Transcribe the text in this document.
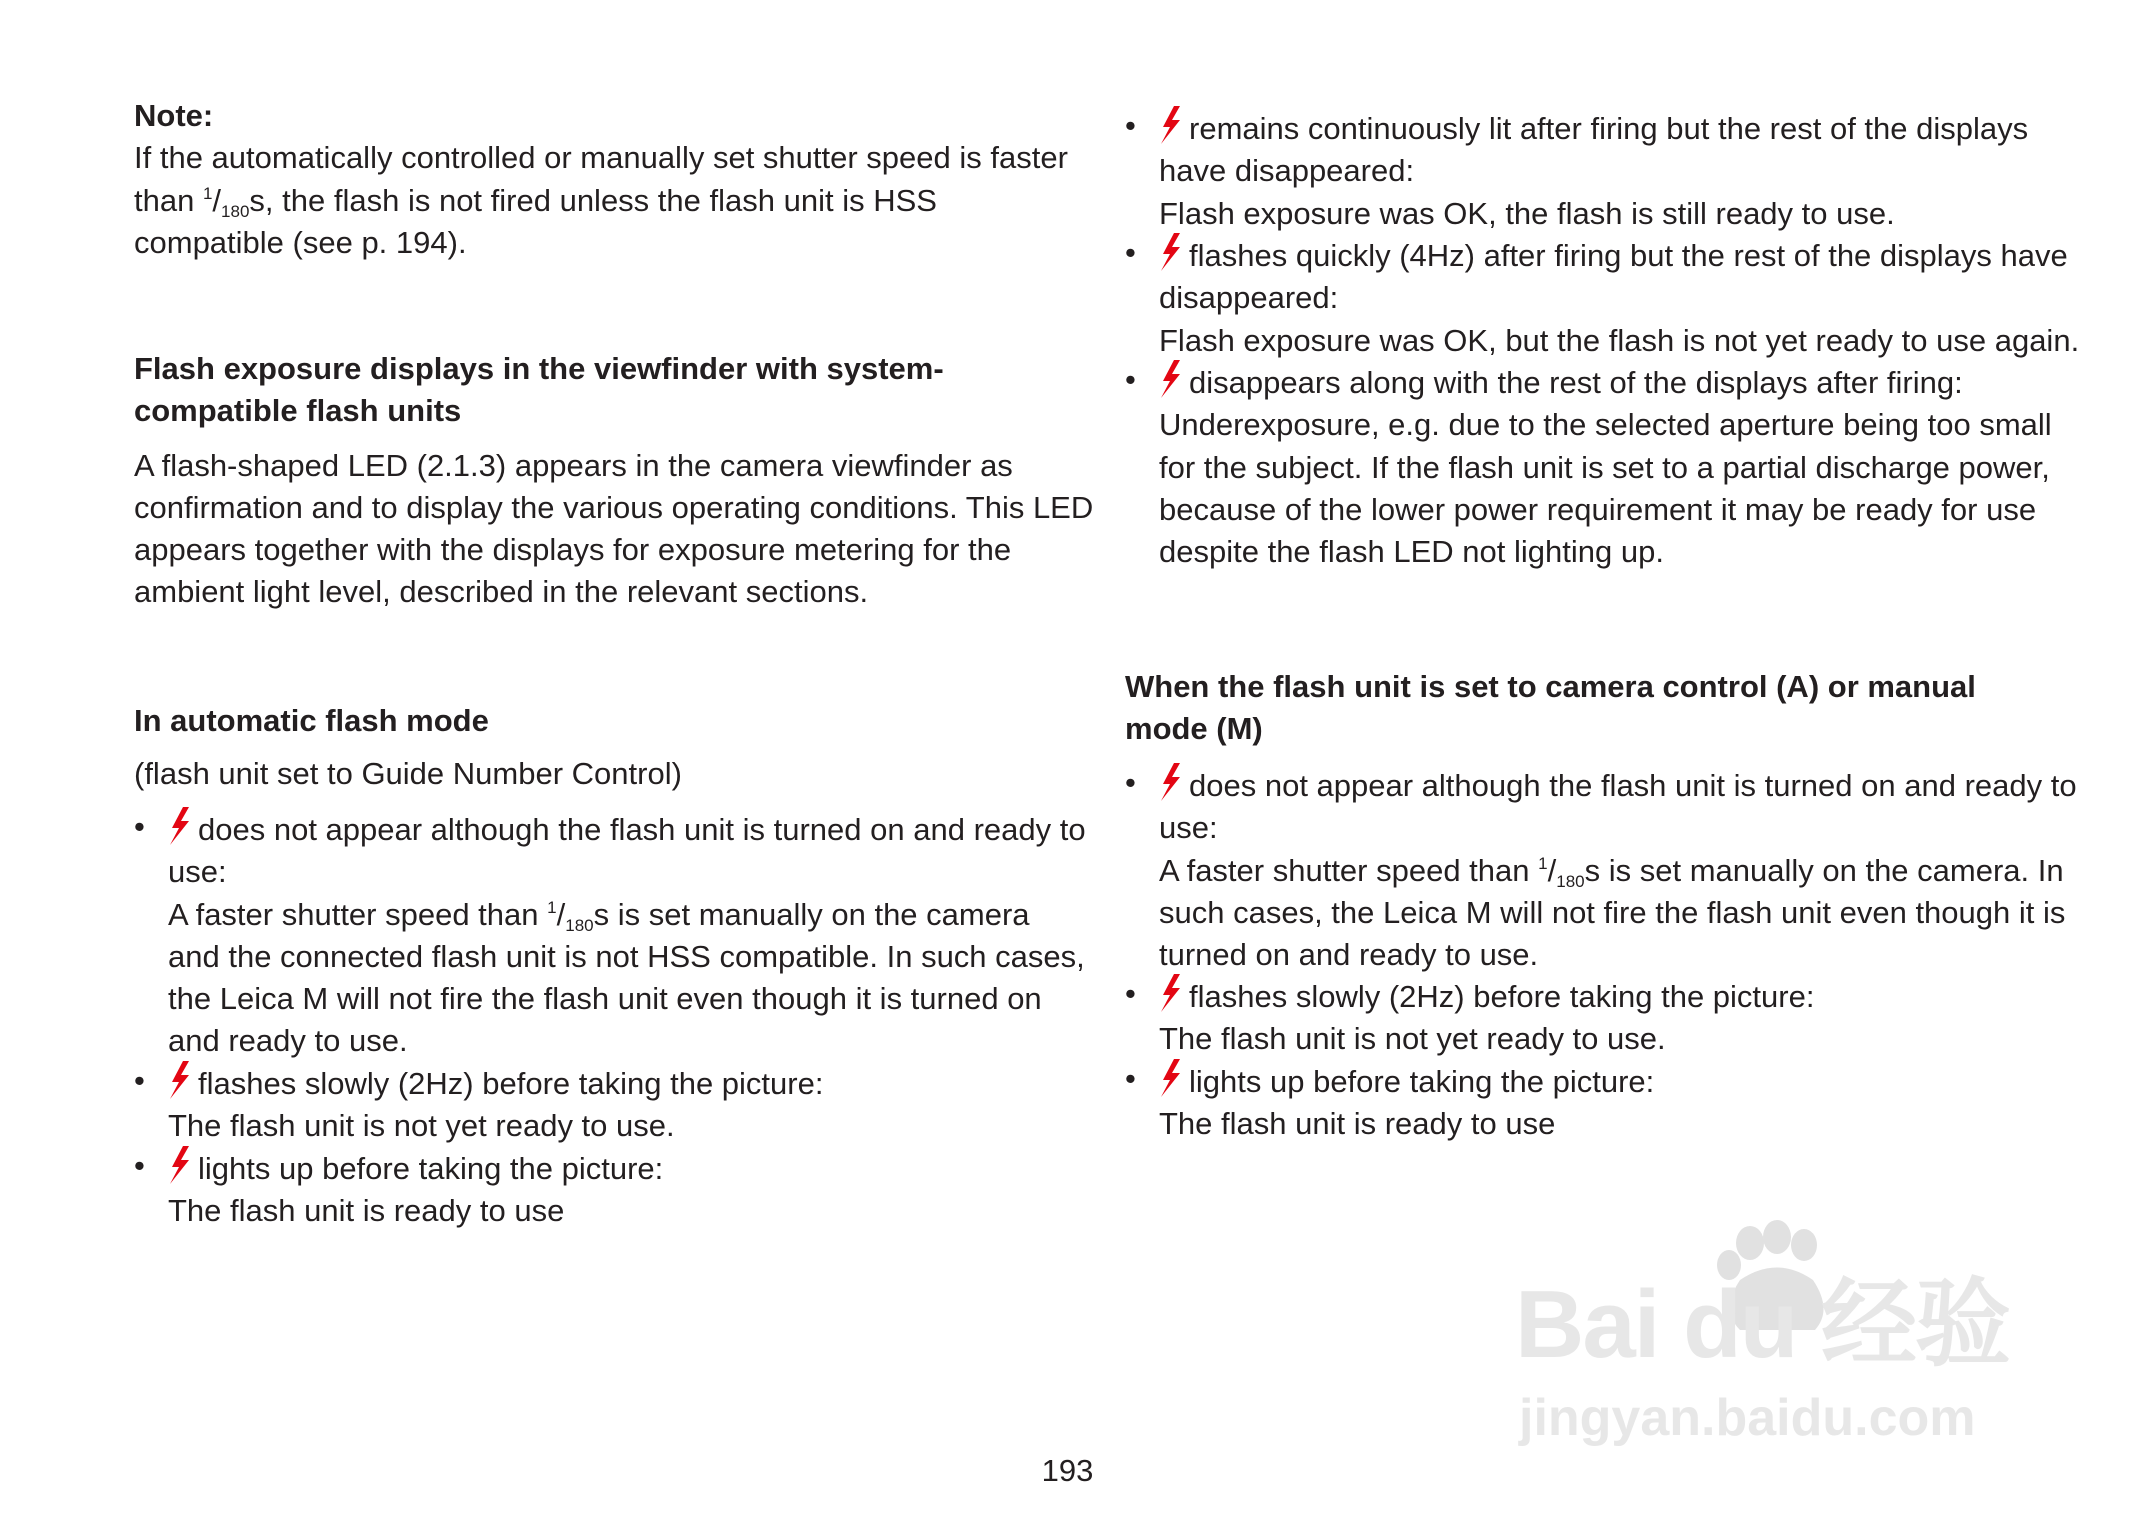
Note:

If the automatically controlled or manually set shutter speed is faster

than $^1/_{180}s$, the flash is not fired unless the flash unit is HSS

compatible (see p. 194).

Flash exposure displays in the viewfinder with system-

compatible flash units

A flash-shaped LED (2.1.3) appears in the camera viewfinder as

confirmation and to display the various operating conditions. This LED

appears together with the displays for exposure metering for the

ambient light level, described in the relevant sections.

In automatic flash mode

(flash unit set to Guide Number Control)

•	does not appear although the flash unit is turned on and ready to

use:

A faster shutter speed than $^1/_{180}s$ is set manually on the camera

and the connected flash unit is not HSS compatible. In such cases,

the Leica M will not fire the flash unit even though it is turned on

and ready to use.

•	flashes slowly (2Hz) before taking the picture:

The flash unit is not yet ready to use.

•	lights up before taking the picture:

The flash unit is ready to use

•	remains continuously lit after firing but the rest of the displays

have disappeared:

Flash exposure was OK, the flash is still ready to use.

•	flashes quickly (4Hz) after firing but the rest of the displays have

disappeared:

Flash exposure was OK, but the flash is not yet ready to use again.

•	disappears along with the rest of the displays after firing:

Underexposure, e.g. due to the selected aperture being too small

for the subject. If the flash unit is set to a partial discharge power,

because of the lower power requirement it may be ready for use

despite the flash LED not lighting up.

When the flash unit is set to camera control (A) or manual

mode (M)

•	does not appear although the flash unit is turned on and ready to

use:

A faster shutter speed than $^1/_{180}s$ is set manually on the camera. In

such cases, the Leica M will not fire the flash unit even though it is

turned on and ready to use.

•	flashes slowly (2Hz) before taking the picture:

The flash unit is not yet ready to use.

•	lights up before taking the picture:

The flash unit is ready to use

Bai du 经验
jingyan.baidu.com
193
